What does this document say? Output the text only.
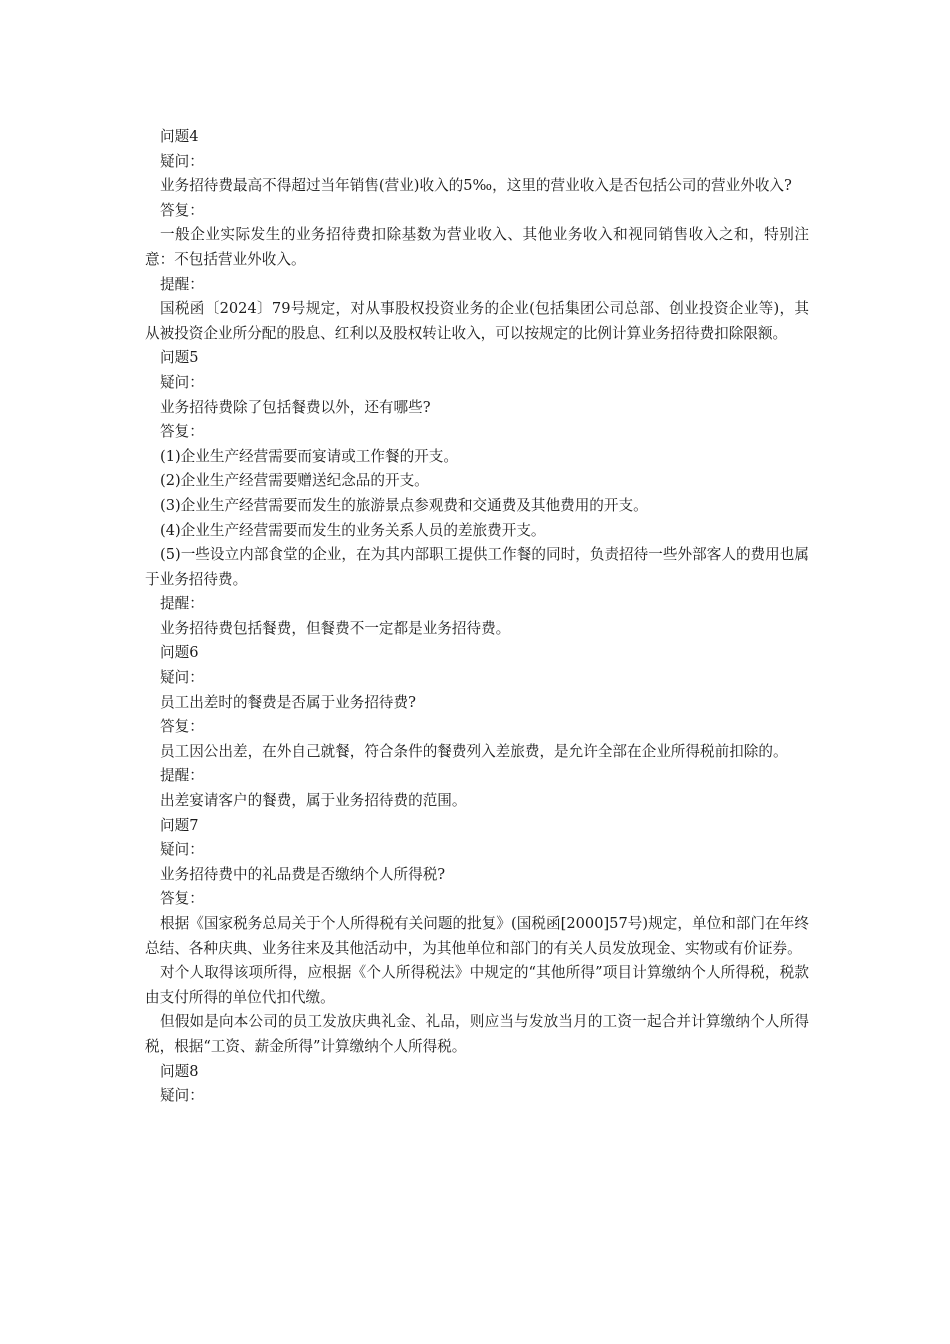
问题4

疑问：

业务招待费最高不得超过当年销售(营业)收入的5‰，这里的营业收入是否包括公司的营业外收入?

答复：

一般企业实际发生的业务招待费扣除基数为营业收入、其他业务收入和视同销售收入之和，特别注意：不包括营业外收入。

提醒：

国税函〔2024〕79号规定，对从事股权投资业务的企业(包括集团公司总部、创业投资企业等)，其从被投资企业所分配的股息、红利以及股权转让收入，可以按规定的比例计算业务招待费扣除限额。

问题5

疑问：

业务招待费除了包括餐费以外，还有哪些?

答复：

(1)企业生产经营需要而宴请或工作餐的开支。

(2)企业生产经营需要赠送纪念品的开支。

(3)企业生产经营需要而发生的旅游景点参观费和交通费及其他费用的开支。

(4)企业生产经营需要而发生的业务关系人员的差旅费开支。

(5)一些设立内部食堂的企业，在为其内部职工提供工作餐的同时，负责招待一些外部客人的费用也属于业务招待费。

提醒：

业务招待费包括餐费，但餐费不一定都是业务招待费。

问题6

疑问：

员工出差时的餐费是否属于业务招待费?

答复：

员工因公出差，在外自己就餐，符合条件的餐费列入差旅费，是允许全部在企业所得税前扣除的。

提醒：

出差宴请客户的餐费，属于业务招待费的范围。

问题7

疑问：

业务招待费中的礼品费是否缴纳个人所得税?

答复：

根据《国家税务总局关于个人所得税有关问题的批复》(国税函[2000]57号)规定，单位和部门在年终总结、各种庆典、业务往来及其他活动中，为其他单位和部门的有关人员发放现金、实物或有价证券。

对个人取得该项所得，应根据《个人所得税法》中规定的“其他所得”项目计算缴纳个人所得税，税款由支付所得的单位代扣代缴。

但假如是向本公司的员工发放庆典礼金、礼品，则应当与发放当月的工资一起合并计算缴纳个人所得税，根据“工资、薪金所得”计算缴纳个人所得税。

问题8

疑问：
